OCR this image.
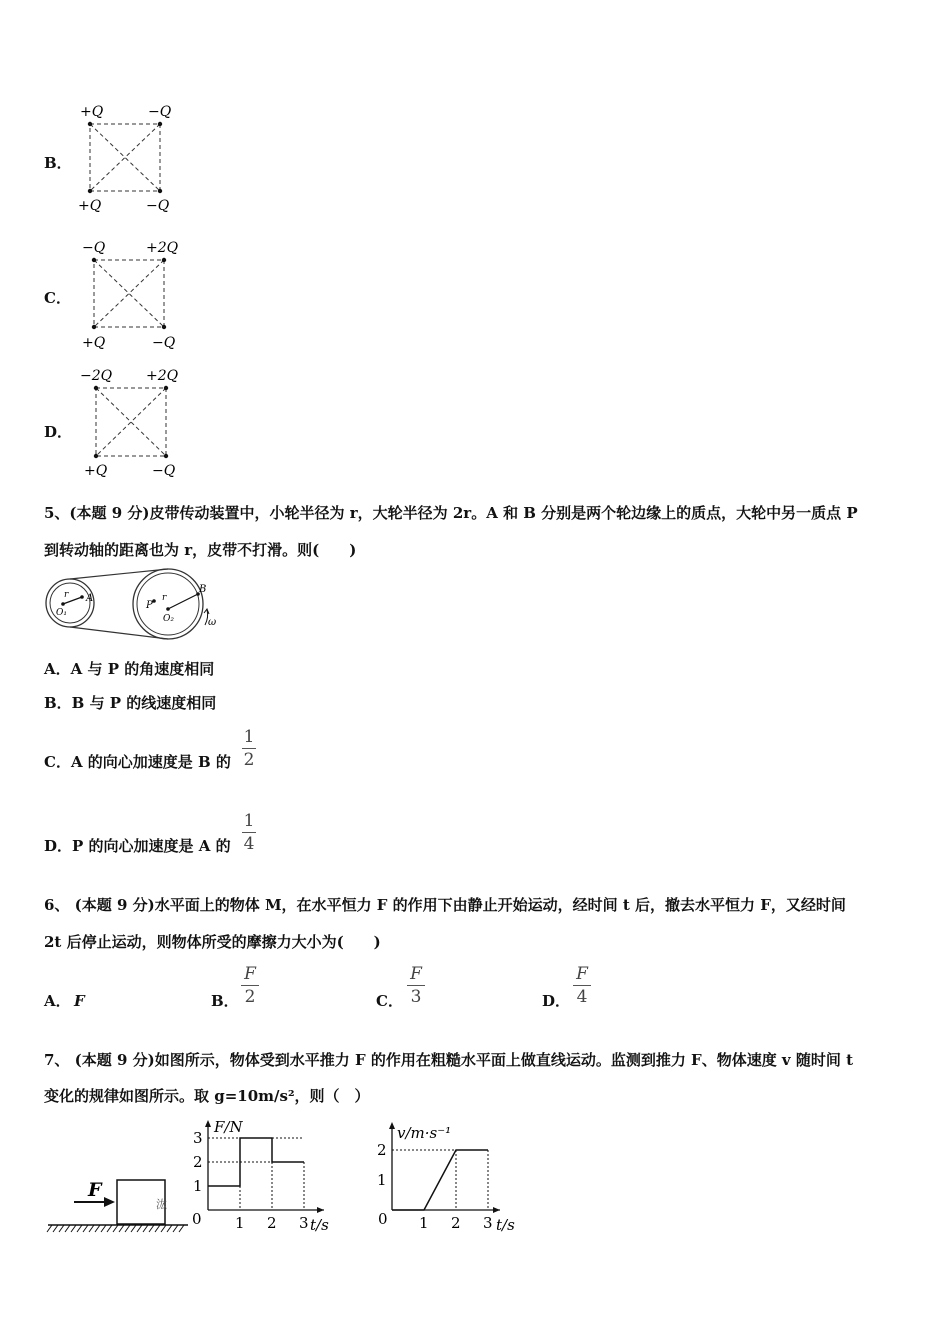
B．
+Q	−Q
+Q	−Q
C．
−Q	+2Q
+Q	−Q
D．
−2Q +2Q
+Q	−Q
5、(本题 9 分)皮带传动装置中，小轮半径为 r，大轮半径为 2r。A 和 B 分别是两个轮边缘上的质点，大轮中另一质点 P
到转动轴的距离也为 r，皮带不打滑。则(　　)
r A
O₁
P
r
B
O₂	ω
A．A 与 P 的角速度相同
B．B 与 P 的线速度相同
C．A 的向心加速度是 B 的
1
2
D．P 的向心加速度是 A 的
1
4
6、 (本题 9 分)水平面上的物体 M，在水平恒力 F 的作用下由静止开始运动，经时间 t 后，撤去水平恒力 F，又经时间
2t 后停止运动，则物体所受的摩擦力大小为(　　)
A． F	B．
F
2	C．
F
3	D．
F
4
7、 (本题 9 分)如图所示，物体受到水平推力 F 的作用在粗糙水平面上做直线运动。监测到推力 F、物体速度 v 随时间 t
变化的规律如图所示。取 g=10m/s²，则（　）
F
汯
1 2 3
1
2
3
F/N
t/s
0	1 2 3
1
2
v/m·s⁻¹
t/s
0
